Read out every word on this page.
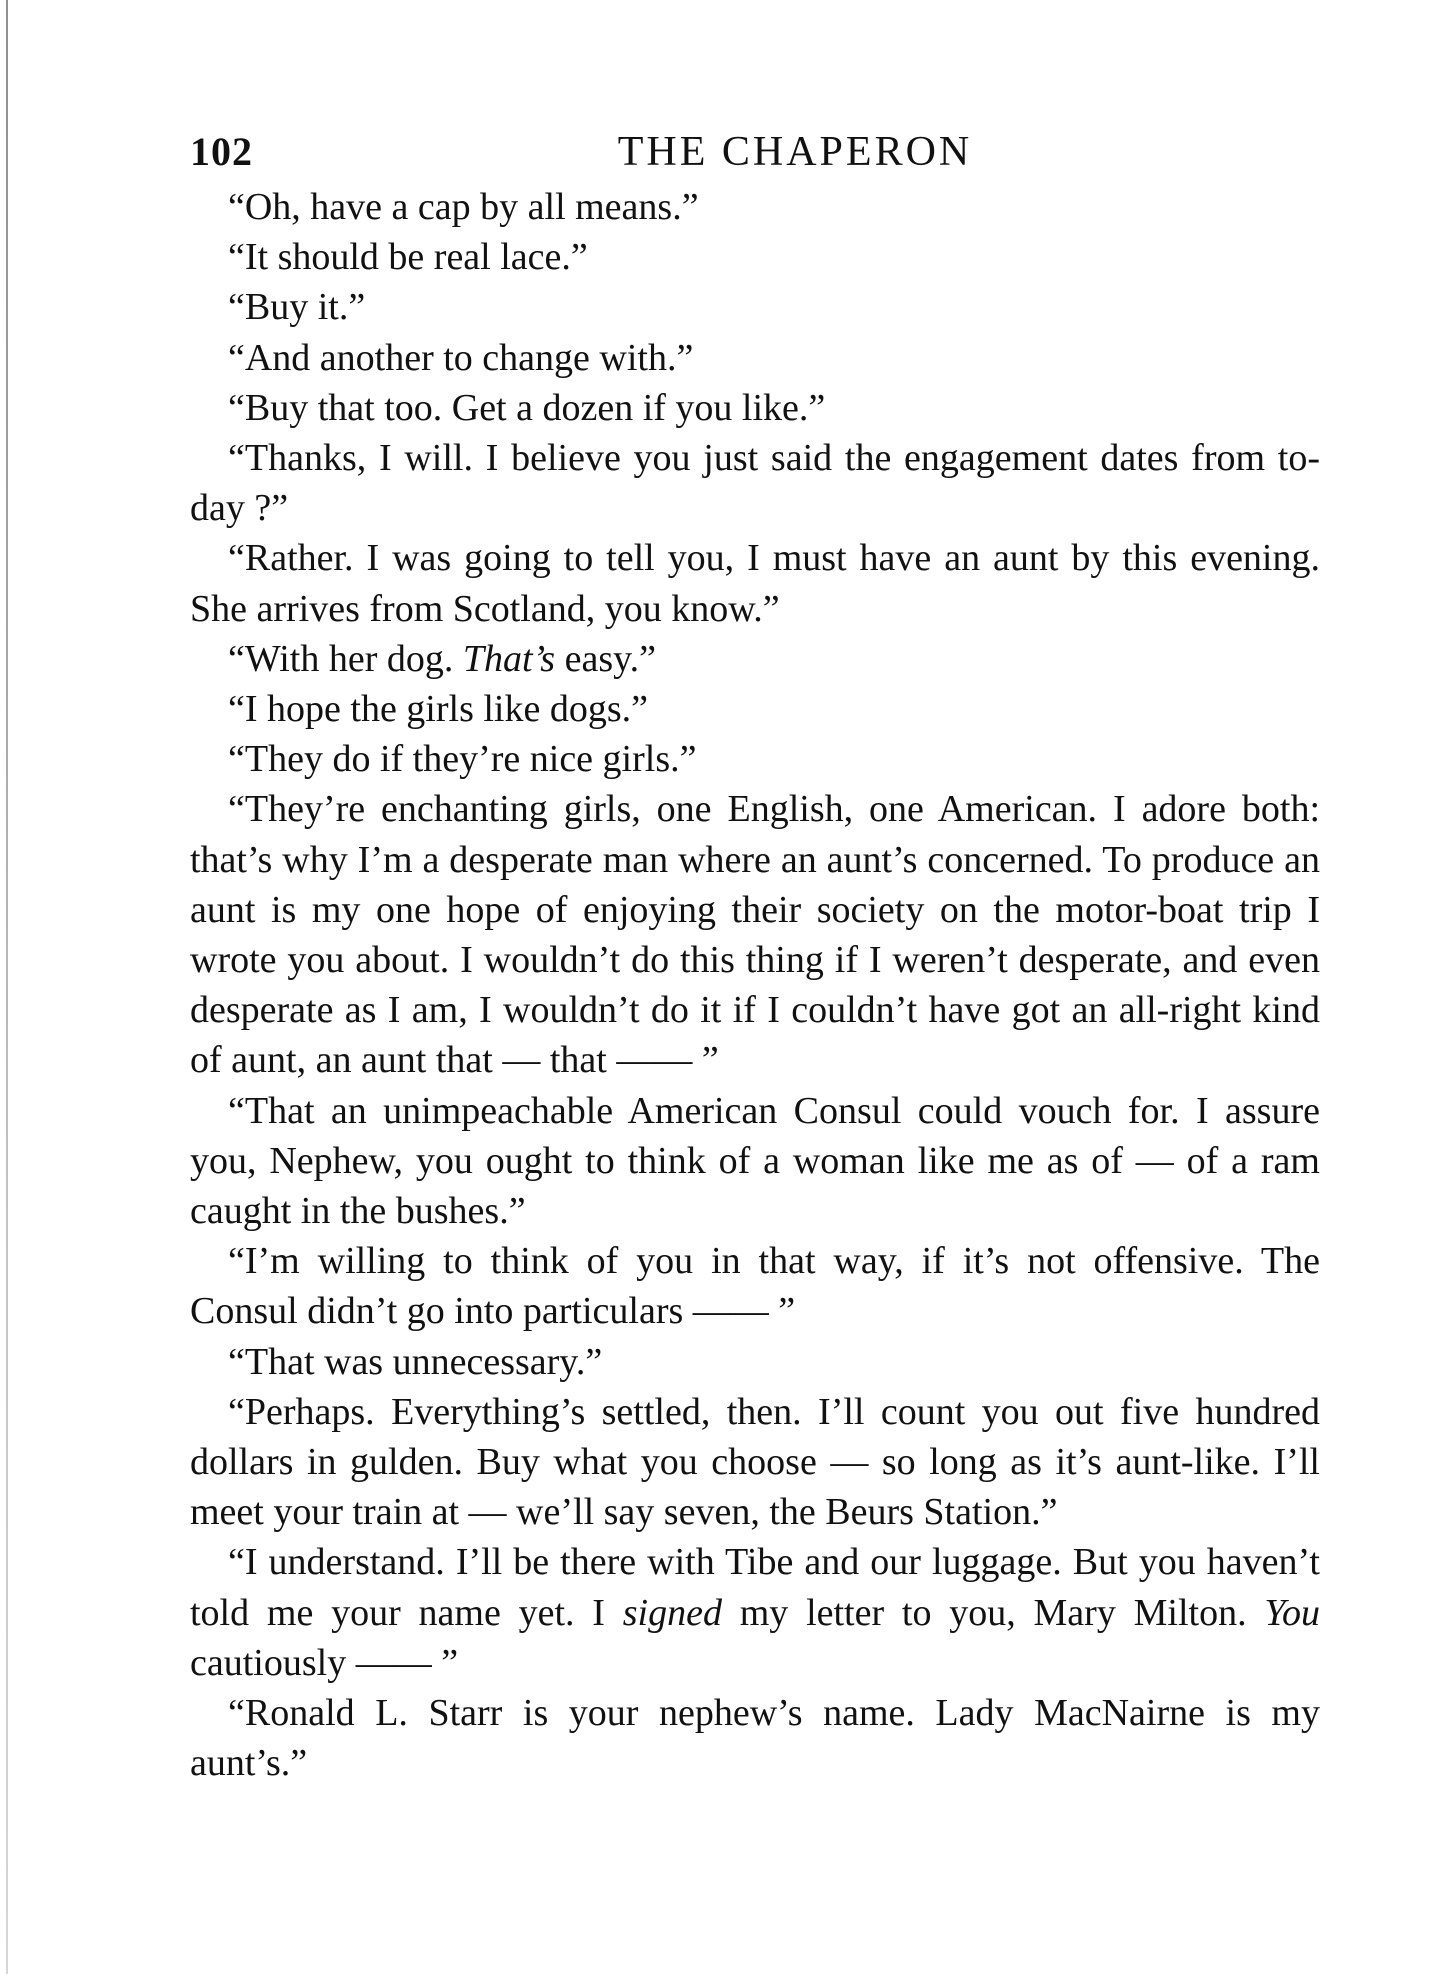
102	THE CHAPERON

“Oh, have a cap by all means.”

“It should be real lace.”

“Buy it.”

“And another to change with.”

“Buy that too. Get a dozen if you like.”

“Thanks, I will. I believe you just said the engagement dates from to-day ?”

“Rather. I was going to tell you, I must have an aunt by this evening. She arrives from Scotland, you know.”

“With her dog. That’s easy.”

“I hope the girls like dogs.”

“They do if they’re nice girls.”

“They’re enchanting girls, one English, one American. I adore both: that’s why I’m a desperate man where an aunt’s concerned. To produce an aunt is my one hope of enjoying their society on the motor-boat trip I wrote you about. I wouldn’t do this thing if I weren’t desperate, and even desperate as I am, I wouldn’t do it if I couldn’t have got an all-right kind of aunt, an aunt that — that —— ”

“That an unimpeachable American Consul could vouch for. I assure you, Nephew, you ought to think of a woman like me as of — of a ram caught in the bushes.”

“I’m willing to think of you in that way, if it’s not offensive. The Consul didn’t go into particulars —— ”

“That was unnecessary.”

“Perhaps. Everything’s settled, then. I’ll count you out five hundred dollars in gulden. Buy what you choose — so long as it’s aunt-like. I’ll meet your train at — we’ll say seven, the Beurs Station.”

“I understand. I’ll be there with Tibe and our luggage. But you haven’t told me your name yet. I signed my letter to you, Mary Milton. You cautiously —— ”

“Ronald L. Starr is your nephew’s name. Lady MacNairne is my aunt’s.”
